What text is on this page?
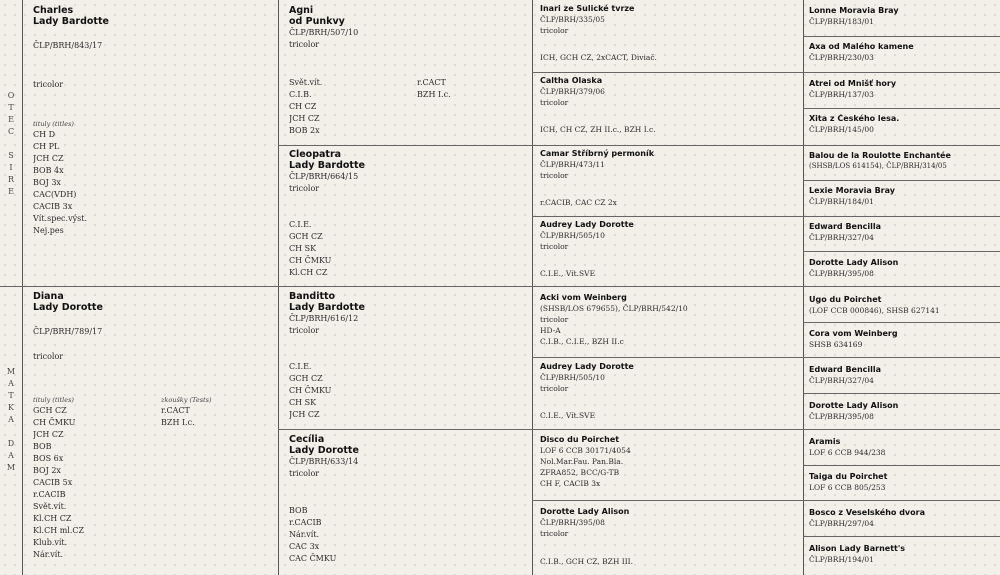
O
T
E
C
S
I
R
E
M
A
T
K
A
D
A
M
Charles
Lady Bardotte
ČLP/BRH/843/17
tricolor
tituly (titles)
CH D
CH PL
JCH CZ
BOB 4x
BOJ 3x
CAC(VDH)
CACIB 3x
Vít.spec.výst.
Nej.pes
Diana
Lady Dorotte
ČLP/BRH/789/17
tricolor
tituly (titles)
GCH CZ
CH ČMKU
JCH CZ
BOB
BOS 6x
BOJ 2x
CACIB 5x
r.CACIB
Svět.vít.
Kl.CH CZ
Kl.CH ml.CZ
Klub.vít.
Nár.vít.
zkoušky (Tests)
r.CACT
BZH I.c.
Agni
od Punkvy
ČLP/BRH/507/10
tricolor
Svět.vít.
C.I.B.
CH CZ
JCH CZ
BOB 2x
r.CACT
BZH I.c.
Cleopatra
Lady Bardotte
ČLP/BRH/664/15
tricolor
C.I.E.
GCH CZ
CH SK
CH ČMKU
Kl.CH CZ
Banditto
Lady Bardotte
ČLP/BRH/616/12
tricolor
C.I.E.
GCH CZ
CH ČMKU
CH SK
JCH CZ
Cecília
Lady Dorotte
ČLP/BRH/633/14
tricolor
BOB
r.CACIB
Nár.vít.
CAC 3x
CAC ČMKU
Inari ze Sulické tvrze
ČLP/BRH/335/05
tricolor
ICH, GCH CZ, 2xCACT, Diviač.
Caltha Olaska
ČLP/BRH/379/06
tricolor
ICH, CH CZ, ZH II.c., BZH I.c.
Camar Stříbrný permoník
ČLP/BRH/473/11
tricolor
r.CACIB, CAC CZ 2x
Audrey Lady Dorotte
ČLP/BRH/505/10
tricolor
C.I.E., Vít.SVE
Acki vom Weinberg
(SHSB/LOS 679655), ČLP/BRH/542/10
tricolor
HD-A
C.I.B., C.I.E., BZH II.c
Audrey Lady Dorotte
ČLP/BRH/505/10
tricolor
C.I.E., Vít.SVE
Disco du Poirchet
LOF 6 CCB 30171/4054
Nol.Mar.Fau. Pan.Bla.
ZFRA852, BCC/G-TB
CH F, CACIB 3x
Dorotte Lady Alison
ČLP/BRH/395/08
tricolor
C.I.B., GCH CZ, BZH III.
Lonne Moravia Bray
ČLP/BRH/183/01
Axa od Malého kamene
ČLP/BRH/230/03
Atrei od Mnišť hory
ČLP/BRH/137/03
Xita z Českého lesa.
ČLP/BRH/145/00
Balou de la Roulotte Enchantée
(SHSB/LOS 614154), ČLP/BRH/314/05
Lexie Moravia Bray
ČLP/BRH/184/01
Edward Bencilla
ČLP/BRH/327/04
Dorotte Lady Alison
ČLP/BRH/395/08
Ugo du Poirchet
(LOF CCB 000846), SHSB 627141
Cora vom Weinberg
SHSB 634169
Edward Bencilla
ČLP/BRH/327/04
Dorotte Lady Alison
ČLP/BRH/395/08
Aramis
LOF 6 CCB 944/238
Taiga du Poirchet
LOF 6 CCB 805/253
Bosco z Veselského dvora
ČLP/BRH/297/04
Alison Lady Barnett's
ČLP/BRH/194/01
